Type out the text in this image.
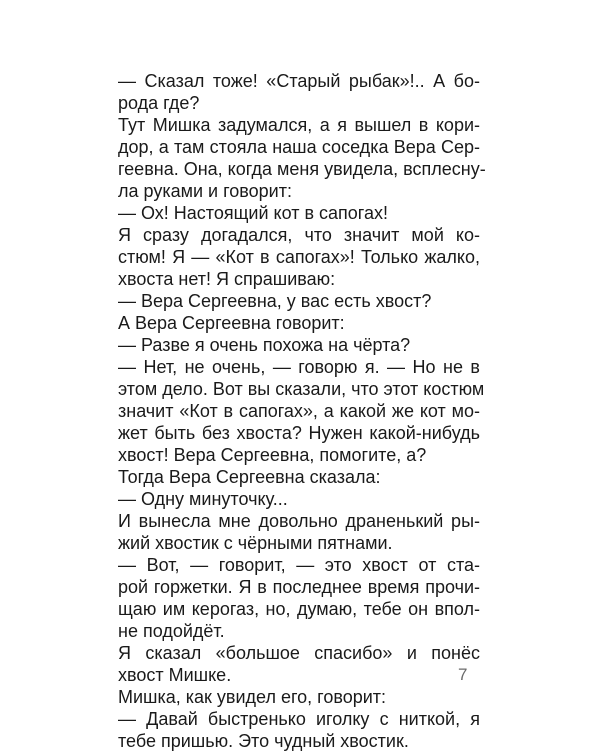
— Сказал тоже! «Старый рыбак»!.. А бо-
рода где?
Тут Мишка задумался, а я вышел в кори-
дор, а там стояла наша соседка Вера Сер-
геевна. Она, когда меня увидела, всплесну-
ла руками и говорит:
— Ох! Настоящий кот в сапогах!
Я сразу догадался, что значит мой ко-
стюм! Я — «Кот в сапогах»! Только жалко,
хвоста нет! Я спрашиваю:
— Вера Сергеевна, у вас есть хвост?
А Вера Сергеевна говорит:
— Разве я очень похожа на чёрта?
— Нет, не очень, — говорю я. — Но не в
этом дело. Вот вы сказали, что этот костюм
значит «Кот в сапогах», а какой же кот мо-
жет быть без хвоста? Нужен какой-нибудь
хвост! Вера Сергеевна, помогите, а?
Тогда Вера Сергеевна сказала:
— Одну минуточку...
И вынесла мне довольно драненький ры-
жий хвостик с чёрными пятнами.
— Вот, — говорит, — это хвост от ста-
рой горжетки. Я в последнее время прочи-
щаю им керогаз, но, думаю, тебе он впол-
не подойдёт.
Я сказал «большое спасибо» и понёс
хвост Мишке.
Мишка, как увидел его, говорит:
— Давай быстренько иголку с ниткой, я
тебе пришью. Это чудный хвостик.
7
